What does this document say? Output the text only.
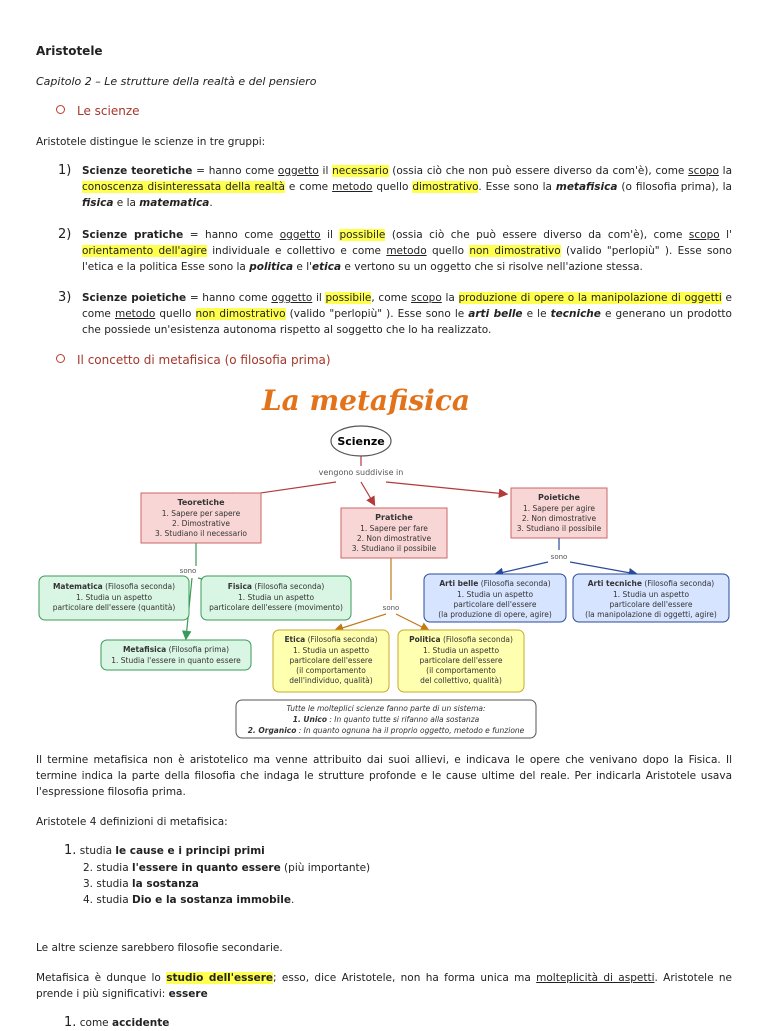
Aristotele
Capitolo 2 – Le strutture della realtà e del pensiero
Le scienze
Aristotele distingue le scienze in tre gruppi:
1) Scienze teoretiche = hanno come oggetto il necessario (ossia ciò che non può essere diverso da com'è), come scopo la conoscenza disinteressata della realtà e come metodo quello dimostrativo. Esse sono la metafisica (o filosofia prima), la fisica e la matematica.
2) Scienze pratiche = hanno come oggetto il possibile (ossia ciò che può essere diverso da com'è), come scopo l' orientamento dell'agire individuale e collettivo e come metodo quello non dimostrativo (valido "perlopiù" ). Esse sono l'etica e la politica Esse sono la politica e l'etica e vertono su un oggetto che si risolve nell'azione stessa.
3) Scienze poietiche = hanno come oggetto il possibile, come scopo la produzione di opere o la manipolazione di oggetti e come metodo quello non dimostrativo (valido "perlopiù" ). Esse sono le arti belle e le tecniche e generano un prodotto che possiede un'esistenza autonoma rispetto al soggetto che lo ha realizzato.
Il concetto di metafisica (o filosofia prima)
La metafisica
Scienze
vengono suddivise in
Teoretiche
1. Sapere per sapere
2. Dimostrative
3. Studiano il necessario
Pratiche
1. Sapere per fare
2. Non dimostrative
3. Studiano il possibile
Poietiche
1. Sapere per agire
2. Non dimostrative
3. Studiano il possibile
sono
Matematica (Filosofia seconda)
1. Studia un aspetto
particolare dell'essere (quantità)
Fisica (Filosofia seconda)
1. Studia un aspetto
particolare dell'essere (movimento)
Metafisica (Filosofia prima)
1. Studia l'essere in quanto essere
sono
Etica (Filosofia seconda)
1. Studia un aspetto
particolare dell'essere
(il comportamento
dell'individuo, qualità)
Politica (Filosofia seconda)
1. Studia un aspetto
particolare dell'essere
(il comportamento
del collettivo, qualità)
sono
Arti belle (Filosofia seconda)
1. Studia un aspetto
particolare dell'essere
(la produzione di opere, agire)
Arti tecniche (Filosofia seconda)
1. Studia un aspetto
particolare dell'essere
(la manipolazione di oggetti, agire)
Tutte le molteplici scienze fanno parte di un sistema:
1. Unico : In quanto tutte si rifanno alla sostanza
2. Organico : In quanto ognuna ha il proprio oggetto, metodo e funzione
Il termine metafisica non è aristotelico ma venne attribuito dai suoi allievi, e indicava le opere che venivano dopo la Fisica. Il termine indica la parte della filosofia che indaga le strutture profonde e le cause ultime del reale. Per indicarla Aristotele usava l'espressione filosofia prima.
Aristotele 4 definizioni di metafisica:
1. studia le cause e i principi primi
2. studia l'essere in quanto essere (più importante)
3. studia la sostanza
4. studia Dio e la sostanza immobile.
Le altre scienze sarebbero filosofie secondarie.
Metafisica è dunque lo studio dell'essere; esso, dice Aristotele, non ha forma unica ma molteplicità di aspetti. Aristotele ne prende i più significativi: essere
1. come accidente
